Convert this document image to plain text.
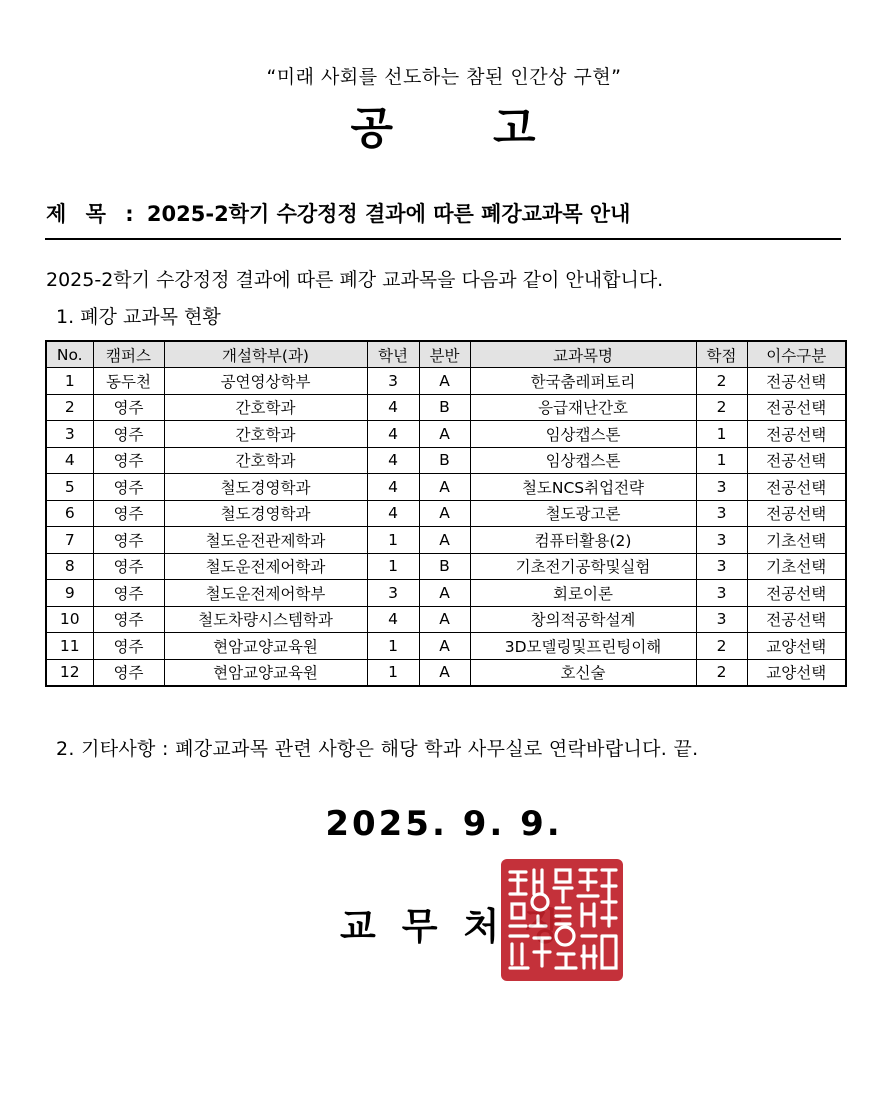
“미래 사회를 선도하는 참된 인간상 구현”
공 고
제 목 : 2025-2학기 수강정정 결과에 따른 폐강교과목 안내
2025-2학기 수강정정 결과에 따른 폐강 교과목을 다음과 같이 안내합니다.
1. 폐강 교과목 현황
No.	캠퍼스	개설학부(과)	학년	분반	교과목명	학점	이수구분
1	동두천	공연영상학부	3	A	한국춤레퍼토리	2	전공선택
2	영주	간호학과	4	B	응급재난간호	2	전공선택
3	영주	간호학과	4	A	임상캡스톤	1	전공선택
4	영주	간호학과	4	B	임상캡스톤	1	전공선택
5	영주	철도경영학과	4	A	철도NCS취업전략	3	전공선택
6	영주	철도경영학과	4	A	철도광고론	3	전공선택
7	영주	철도운전관제학과	1	A	컴퓨터활용(2)	3	기초선택
8	영주	철도운전제어학과	1	B	기초전기공학및실험	3	기초선택
9	영주	철도운전제어학부	3	A	회로이론	3	전공선택
10	영주	철도차량시스템학과	4	A	창의적공학설계	3	전공선택
11	영주	현암교양교육원	1	A	3D모델링및프린팅이해	2	교양선택
12	영주	현암교양교육원	1	A	호신술	2	교양선택
2. 기타사항 : 폐강교과목 관련 사항은 해당 학과 사무실로 연락바랍니다. 끝.
2025. 9. 9.
교 무 처
